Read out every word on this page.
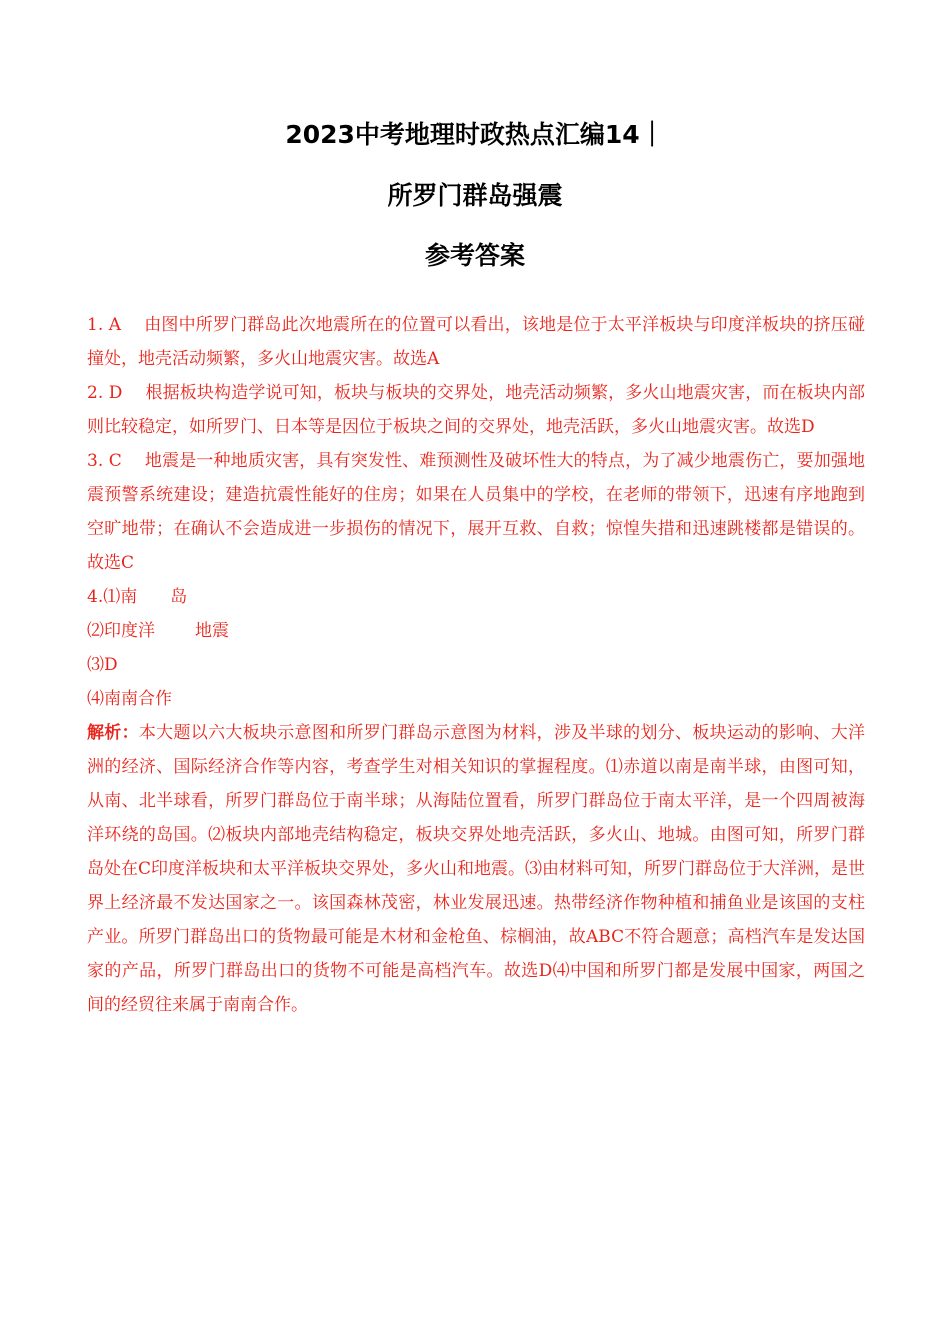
2023中考地理时政热点汇编14｜

所罗门群岛强震

参考答案

1. A 由图中所罗门群岛此次地震所在的位置可以看出，该地是位于太平洋板块与印度洋板块的挤压碰撞处，地壳活动频繁，多火山地震灾害。故选A

2. D 根据板块构造学说可知，板块与板块的交界处，地壳活动频繁，多火山地震灾害，而在板块内部则比较稳定，如所罗门、日本等是因位于板块之间的交界处，地壳活跃，多火山地震灾害。故选D

3. C 地震是一种地质灾害，具有突发性、难预测性及破坏性大的特点，为了减少地震伤亡，要加强地震预警系统建设；建造抗震性能好的住房；如果在人员集中的学校，在老师的带领下，迅速有序地跑到空旷地带；在确认不会造成进一步损伤的情况下，展开互救、自救；惊惶失措和迅速跳楼都是错误的。故选C

4.⑴南 岛

⑵印度洋 地震

⑶D

⑷南南合作

解析：本大题以六大板块示意图和所罗门群岛示意图为材料，涉及半球的划分、板块运动的影响、大洋洲的经济、国际经济合作等内容，考查学生对相关知识的掌握程度。⑴赤道以南是南半球，由图可知，从南、北半球看，所罗门群岛位于南半球；从海陆位置看，所罗门群岛位于南太平洋，是一个四周被海洋环绕的岛国。⑵板块内部地壳结构稳定，板块交界处地壳活跃，多火山、地城。由图可知，所罗门群岛处在C印度洋板块和太平洋板块交界处，多火山和地震。⑶由材料可知，所罗门群岛位于大洋洲，是世界上经济最不发达国家之一。该国森林茂密，林业发展迅速。热带经济作物种植和捕鱼业是该国的支柱产业。所罗门群岛出口的货物最可能是木材和金枪鱼、棕榈油，故ABC不符合题意；高档汽车是发达国家的产品，所罗门群岛出口的货物不可能是高档汽车。故选D⑷中国和所罗门都是发展中国家，两国之间的经贸往来属于南南合作。
